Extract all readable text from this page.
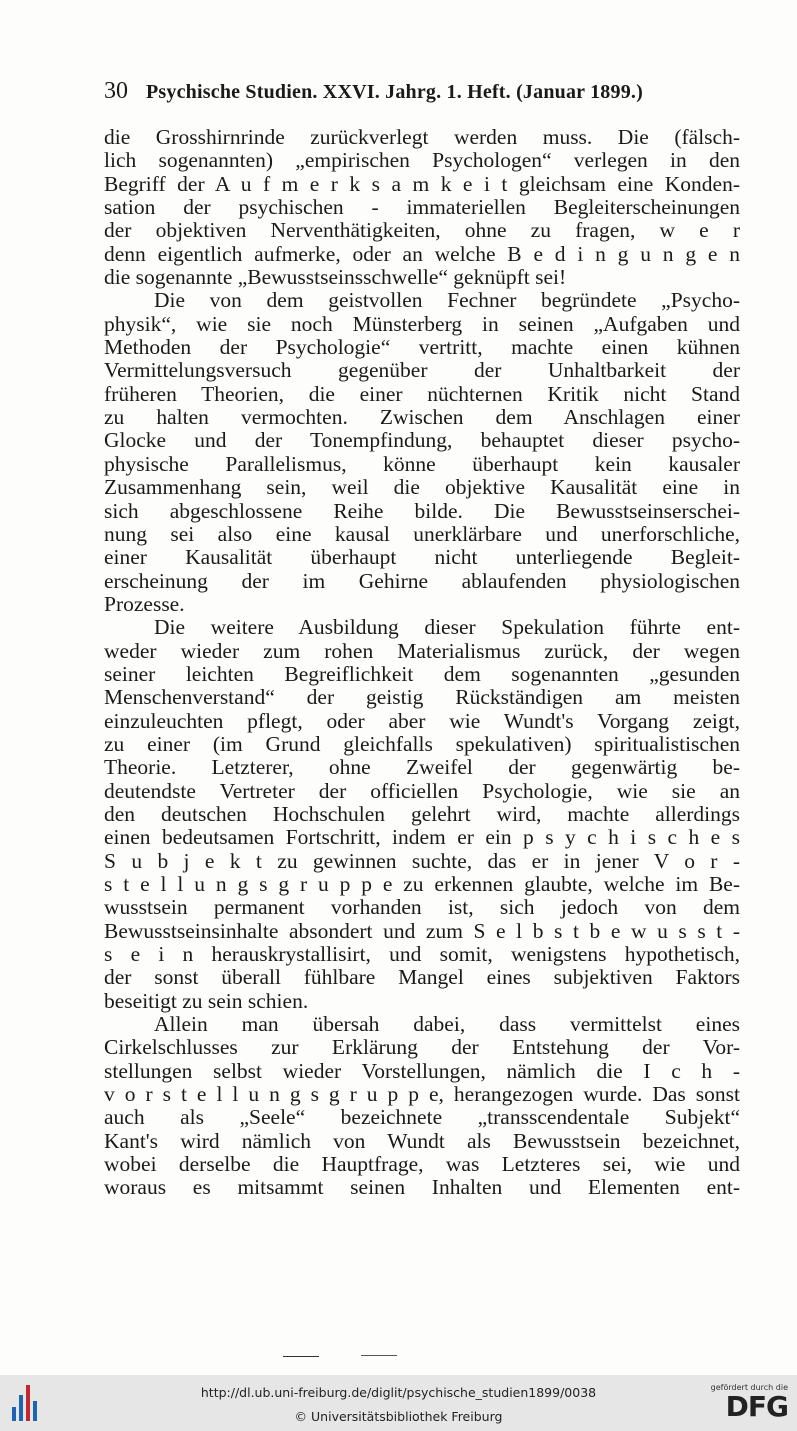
30 Psychische Studien. XXVI. Jahrg. 1. Heft. (Januar 1899.)
die Grosshirnrinde zurückverlegt werden muss. Die (fälsch-
lich sogenannten) „empirischen Psychologen“ verlegen in den
Begriff der A u f m e r k s a m k e i t gleichsam eine Konden-
sation der psychischen - immateriellen Begleiterscheinungen
der objektiven Nerventhätigkeiten, ohne zu fragen, w e r
denn eigentlich aufmerke, oder an welche B e d i n g u n g e n
die sogenannte „Bewusstseinsschwelle“ geknüpft sei!
Die von dem geistvollen Fechner begründete „Psycho-
physik“, wie sie noch Münsterberg in seinen „Aufgaben und
Methoden der Psychologie“ vertritt, machte einen kühnen
Vermittelungsversuch gegenüber der Unhaltbarkeit der
früheren Theorien, die einer nüchternen Kritik nicht Stand
zu halten vermochten. Zwischen dem Anschlagen einer
Glocke und der Tonempfindung, behauptet dieser psycho-
physische Parallelismus, könne überhaupt kein kausaler
Zusammenhang sein, weil die objektive Kausalität eine in
sich abgeschlossene Reihe bilde. Die Bewusstseinserschei-
nung sei also eine kausal unerklärbare und unerforschliche,
einer Kausalität überhaupt nicht unterliegende Begleit-
erscheinung der im Gehirne ablaufenden physiologischen
Prozesse.
Die weitere Ausbildung dieser Spekulation führte ent-
weder wieder zum rohen Materialismus zurück, der wegen
seiner leichten Begreiflichkeit dem sogenannten „gesunden
Menschenverstand“ der geistig Rückständigen am meisten
einzuleuchten pflegt, oder aber wie Wundt's Vorgang zeigt,
zu einer (im Grund gleichfalls spekulativen) spiritualistischen
Theorie. Letzterer, ohne Zweifel der gegenwärtig be-
deutendste Vertreter der officiellen Psychologie, wie sie an
den deutschen Hochschulen gelehrt wird, machte allerdings
einen bedeutsamen Fortschritt, indem er ein p s y c h i s c h e s
S u b j e k t zu gewinnen suchte, das er in jener V o r -
s t e l l u n g s g r u p p e zu erkennen glaubte, welche im Be-
wusstsein permanent vorhanden ist, sich jedoch von dem
Bewusstseinsinhalte absondert und zum S e l b s t b e w u s s t -
s e i n herauskrystallisirt, und somit, wenigstens hypothetisch,
der sonst überall fühlbare Mangel eines subjektiven Faktors
beseitigt zu sein schien.
Allein man übersah dabei, dass vermittelst eines
Cirkelschlusses zur Erklärung der Entstehung der Vor-
stellungen selbst wieder Vorstellungen, nämlich die I c h -
v o r s t e l l u n g s g r u p p e, herangezogen wurde. Das sonst
auch als „Seele“ bezeichnete „transscendentale Subjekt“
Kant's wird nämlich von Wundt als Bewusstsein bezeichnet,
wobei derselbe die Hauptfrage, was Letzteres sei, wie und
woraus es mitsammt seinen Inhalten und Elementen ent-
http://dl.ub.uni-freiburg.de/diglit/psychische_studien1899/0038
© Universitätsbibliothek Freiburg
gefördert durch die
DFG
